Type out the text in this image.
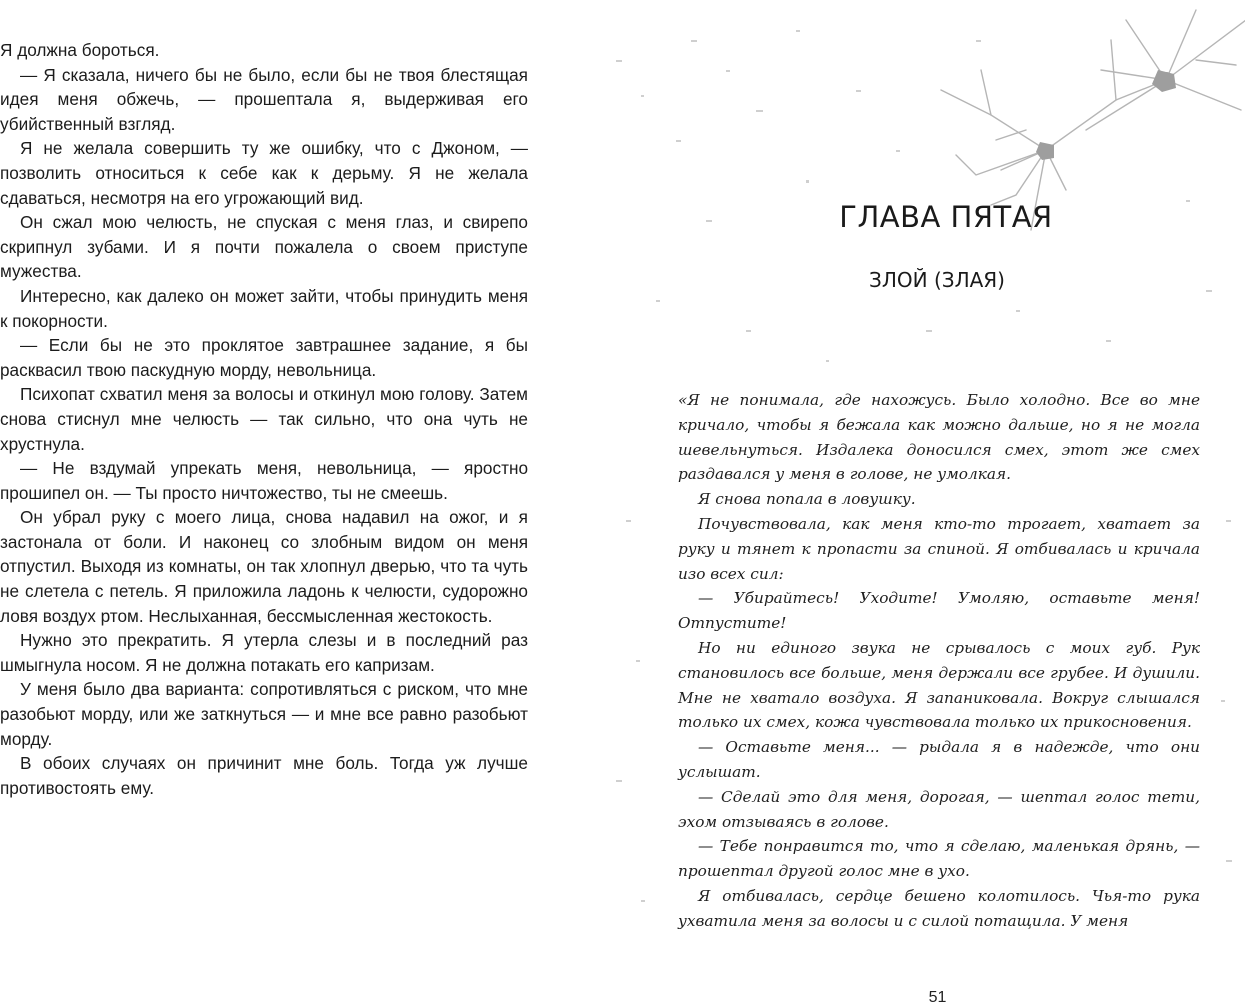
Я должна бороться.

— Я сказала, ничего бы не было, если бы не твоя блестящая идея меня обжечь, — прошептала я, выдерживая его убийственный взгляд.

Я не желала совершить ту же ошибку, что с Джоном, — позволить относиться к себе как к дерьму. Я не желала сдаваться, несмотря на его угрожающий вид.

Он сжал мою челюсть, не спуская с меня глаз, и свирепо скрипнул зубами. И я почти пожалела о своем приступе мужества.

Интересно, как далеко он может зайти, чтобы принудить меня к покорности.

— Если бы не это проклятое завтрашнее задание, я бы расквасил твою паскудную морду, невольница.

Психопат схватил меня за волосы и откинул мою голову. Затем снова стиснул мне челюсть — так сильно, что она чуть не хрустнула.

— Не вздумай упрекать меня, невольница, — яростно прошипел он. — Ты просто ничтожество, ты не смеешь.

Он убрал руку с моего лица, снова надавил на ожог, и я застонала от боли. И наконец со злобным видом он меня отпустил. Выходя из комнаты, он так хлопнул дверью, что та чуть не слетела с петель. Я приложила ладонь к челюсти, судорожно ловя воздух ртом. Неслыханная, бессмысленная жестокость.

Нужно это прекратить. Я утерла слезы и в последний раз шмыгнула носом. Я не должна потакать его капризам.

У меня было два варианта: сопротивляться с риском, что мне разобьют морду, или же заткнуться — и мне все равно разобьют морду.

В обоих случаях он причинит мне боль. Тогда уж лучше противостоять ему.

ГЛАВА ПЯТАЯ
ЗЛОЙ (ЗЛАЯ)

«Я не понимала, где нахожусь. Было холодно. Все во мне кричало, чтобы я бежала как можно дальше, но я не могла шевельнуться. Издалека доносился смех, этот же смех раздавался у меня в голове, не умолкая.

Я снова попала в ловушку.

Почувствовала, как меня кто-то трогает, хватает за руку и тянет к пропасти за спиной. Я отбивалась и кричала изо всех сил:

— Убирайтесь! Уходите! Умоляю, оставьте меня! Отпустите!

Но ни единого звука не срывалось с моих губ. Рук становилось все больше, меня держали все грубее. И душили. Мне не хватало воздуха. Я запаниковала. Вокруг слышался только их смех, кожа чувствовала только их прикосновения.

— Оставьте меня... — рыдала я в надежде, что они услышат.

— Сделай это для меня, дорогая, — шептал голос тети, эхом отзываясь в голове.

— Тебе понравится то, что я сделаю, маленькая дрянь, — прошептал другой голос мне в ухо.

Я отбивалась, сердце бешено колотилось. Чья-то рука ухватила меня за волосы и с силой потащила. У меня

51
